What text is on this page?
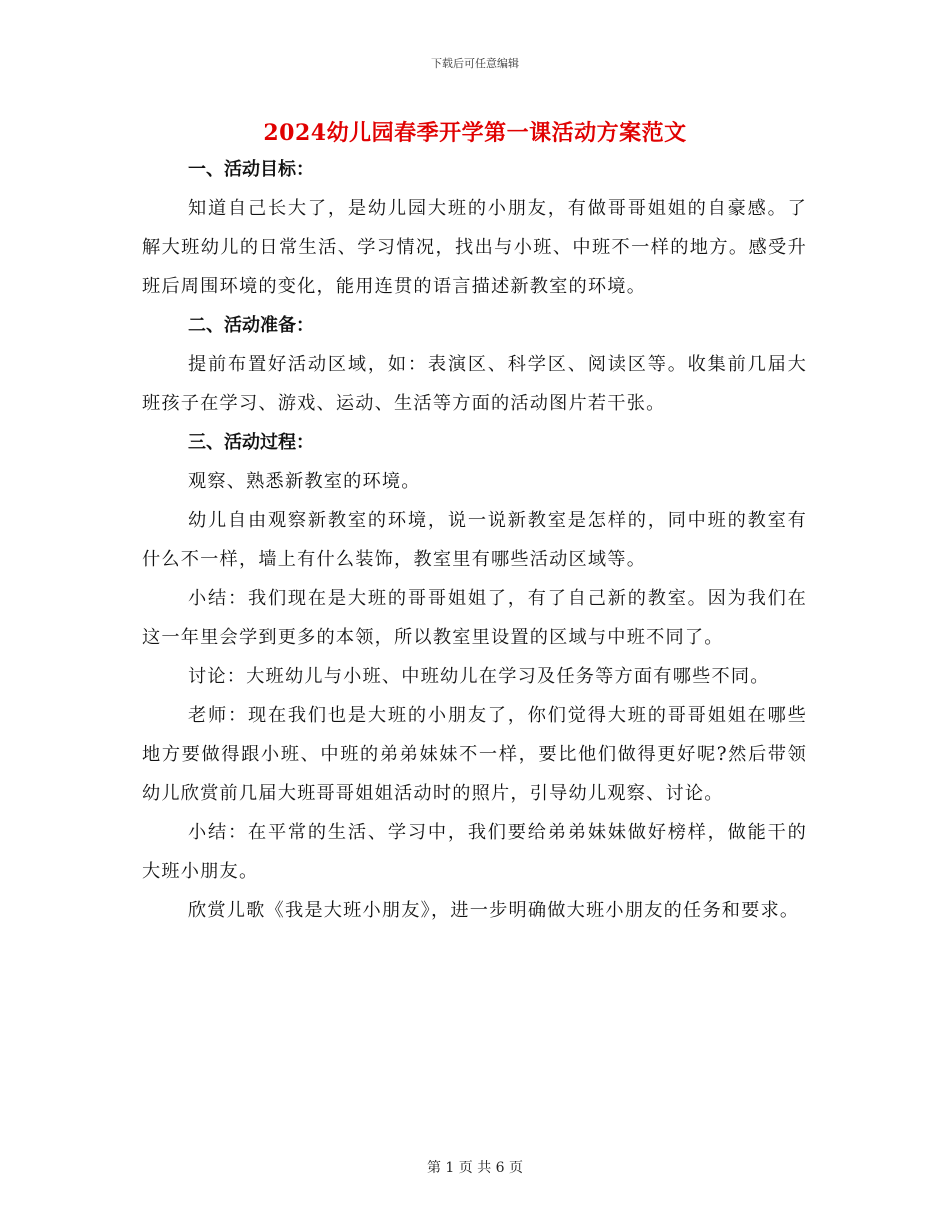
下载后可任意编辑
2024幼儿园春季开学第一课活动方案范文

一、活动目标：

知道自己长大了，是幼儿园大班的小朋友，有做哥哥姐姐的自豪感。了解大班幼儿的日常生活、学习情况，找出与小班、中班不一样的地方。感受升班后周围环境的变化，能用连贯的语言描述新教室的环境。

二、活动准备：

提前布置好活动区域，如：表演区、科学区、阅读区等。收集前几届大班孩子在学习、游戏、运动、生活等方面的活动图片若干张。

三、活动过程：

观察、熟悉新教室的环境。

幼儿自由观察新教室的环境，说一说新教室是怎样的，同中班的教室有什么不一样，墙上有什么装饰，教室里有哪些活动区域等。

小结：我们现在是大班的哥哥姐姐了，有了自己新的教室。因为我们在这一年里会学到更多的本领，所以教室里设置的区域与中班不同了。

讨论：大班幼儿与小班、中班幼儿在学习及任务等方面有哪些不同。

老师：现在我们也是大班的小朋友了，你们觉得大班的哥哥姐姐在哪些地方要做得跟小班、中班的弟弟妹妹不一样，要比他们做得更好呢?然后带领幼儿欣赏前几届大班哥哥姐姐活动时的照片，引导幼儿观察、讨论。

小结：在平常的生活、学习中，我们要给弟弟妹妹做好榜样，做能干的大班小朋友。

欣赏儿歌《我是大班小朋友》，进一步明确做大班小朋友的任务和要求。

第 1 页 共 6 页
